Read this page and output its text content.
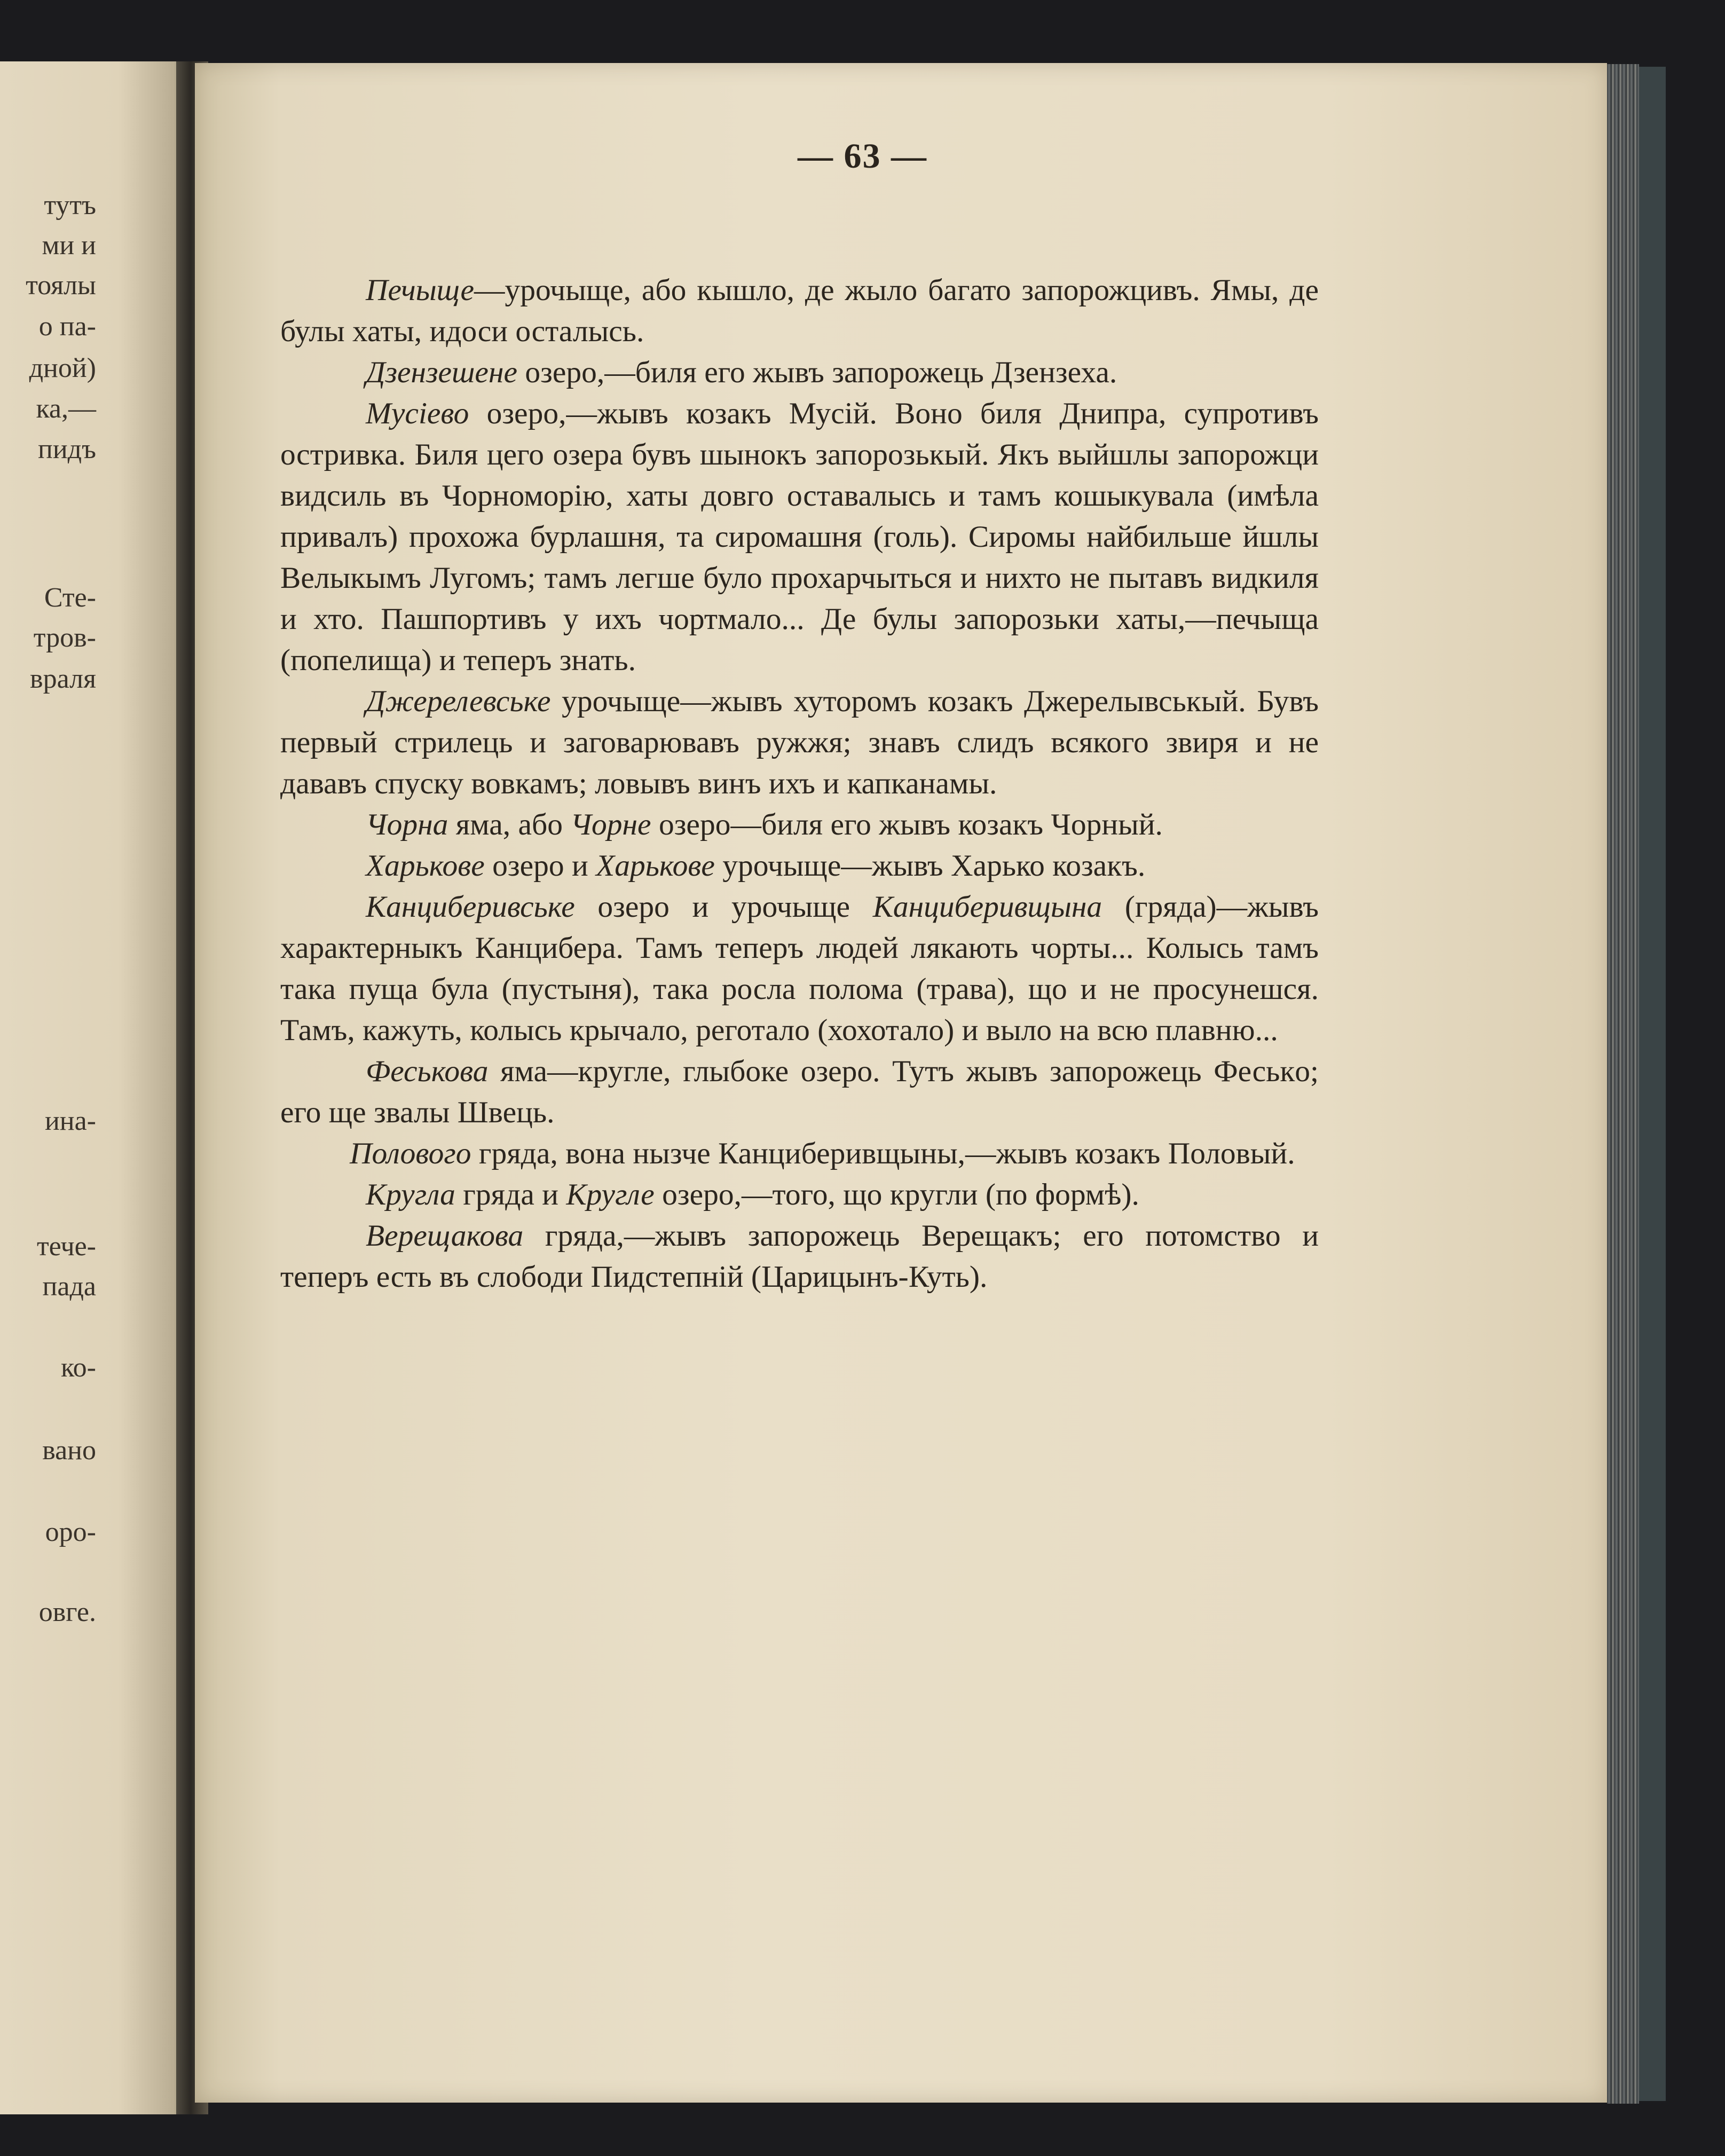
тутъ
ми и
тоялы
о па-
дной)
ка,—
пидъ
Сте-
тров-
враля
ина-
тече-
пада
ко-
вано
оро-
овге.
— 63 —

Печыще—урочыще, або кышло, де жыло багато запорожцивъ. Ямы, де булы хаты, идоси осталысь.

Дзензешене озеро,—биля его жывъ запорожець Дзензеха.

Мусіево озеро,—жывъ козакъ Мусій. Воно биля Днипра, супротивъ остривка. Биля цего озера бувъ шынокъ запорозькый. Якъ выйшлы запорожци видсиль въ Чорноморію, хаты довго оставалысь и тамъ кошыкувала (имѣла привалъ) прохожа бурлашня, та сиромашня (голь). Сиромы найбильше йшлы Велыкымъ Лугомъ; тамъ легше було прохарчыться и нихто не пытавъ видкиля и хто. Пашпортивъ у ихъ чортмало... Де булы запорозьки хаты,—печыща (попелища) и теперъ знать.

Джерелевське урочыще—жывъ хуторомъ козакъ Джерелывськый. Бувъ первый стрилець и заговарювавъ ружжя; знавъ слидъ всякого звиря и не дававъ спуску вовкамъ; ловывъ винъ ихъ и капканамы.

Чорна яма, або Чорне озеро—биля его жывъ козакъ Чорный.

Харькове озеро и Харькове урочыще—жывъ Харько козакъ.

Канциберивське озеро и урочыще Канциберивщына (гряда)—жывъ характерныкъ Канцибера. Тамъ теперъ людей лякають чорты... Колысь тамъ така пуща була (пустыня), така росла полома (трава), що и не просунешся. Тамъ, кажуть, колысь крычало, реготало (хохотало) и выло на всю плавню...

Феськова яма—кругле, глыбоке озеро. Тутъ жывъ запорожець Феськo; его ще звалы Швець.

Полового гряда, вона нызче Канциберивщыны,—жывъ козакъ Половый.

Кругла гряда и Кругле озеро,—того, що кругли (по формѣ).

Верещакова гряда,—жывъ запорожець Верещакъ; его потомство и теперъ есть въ слободи Пидстепній (Царицынъ-Куть).
